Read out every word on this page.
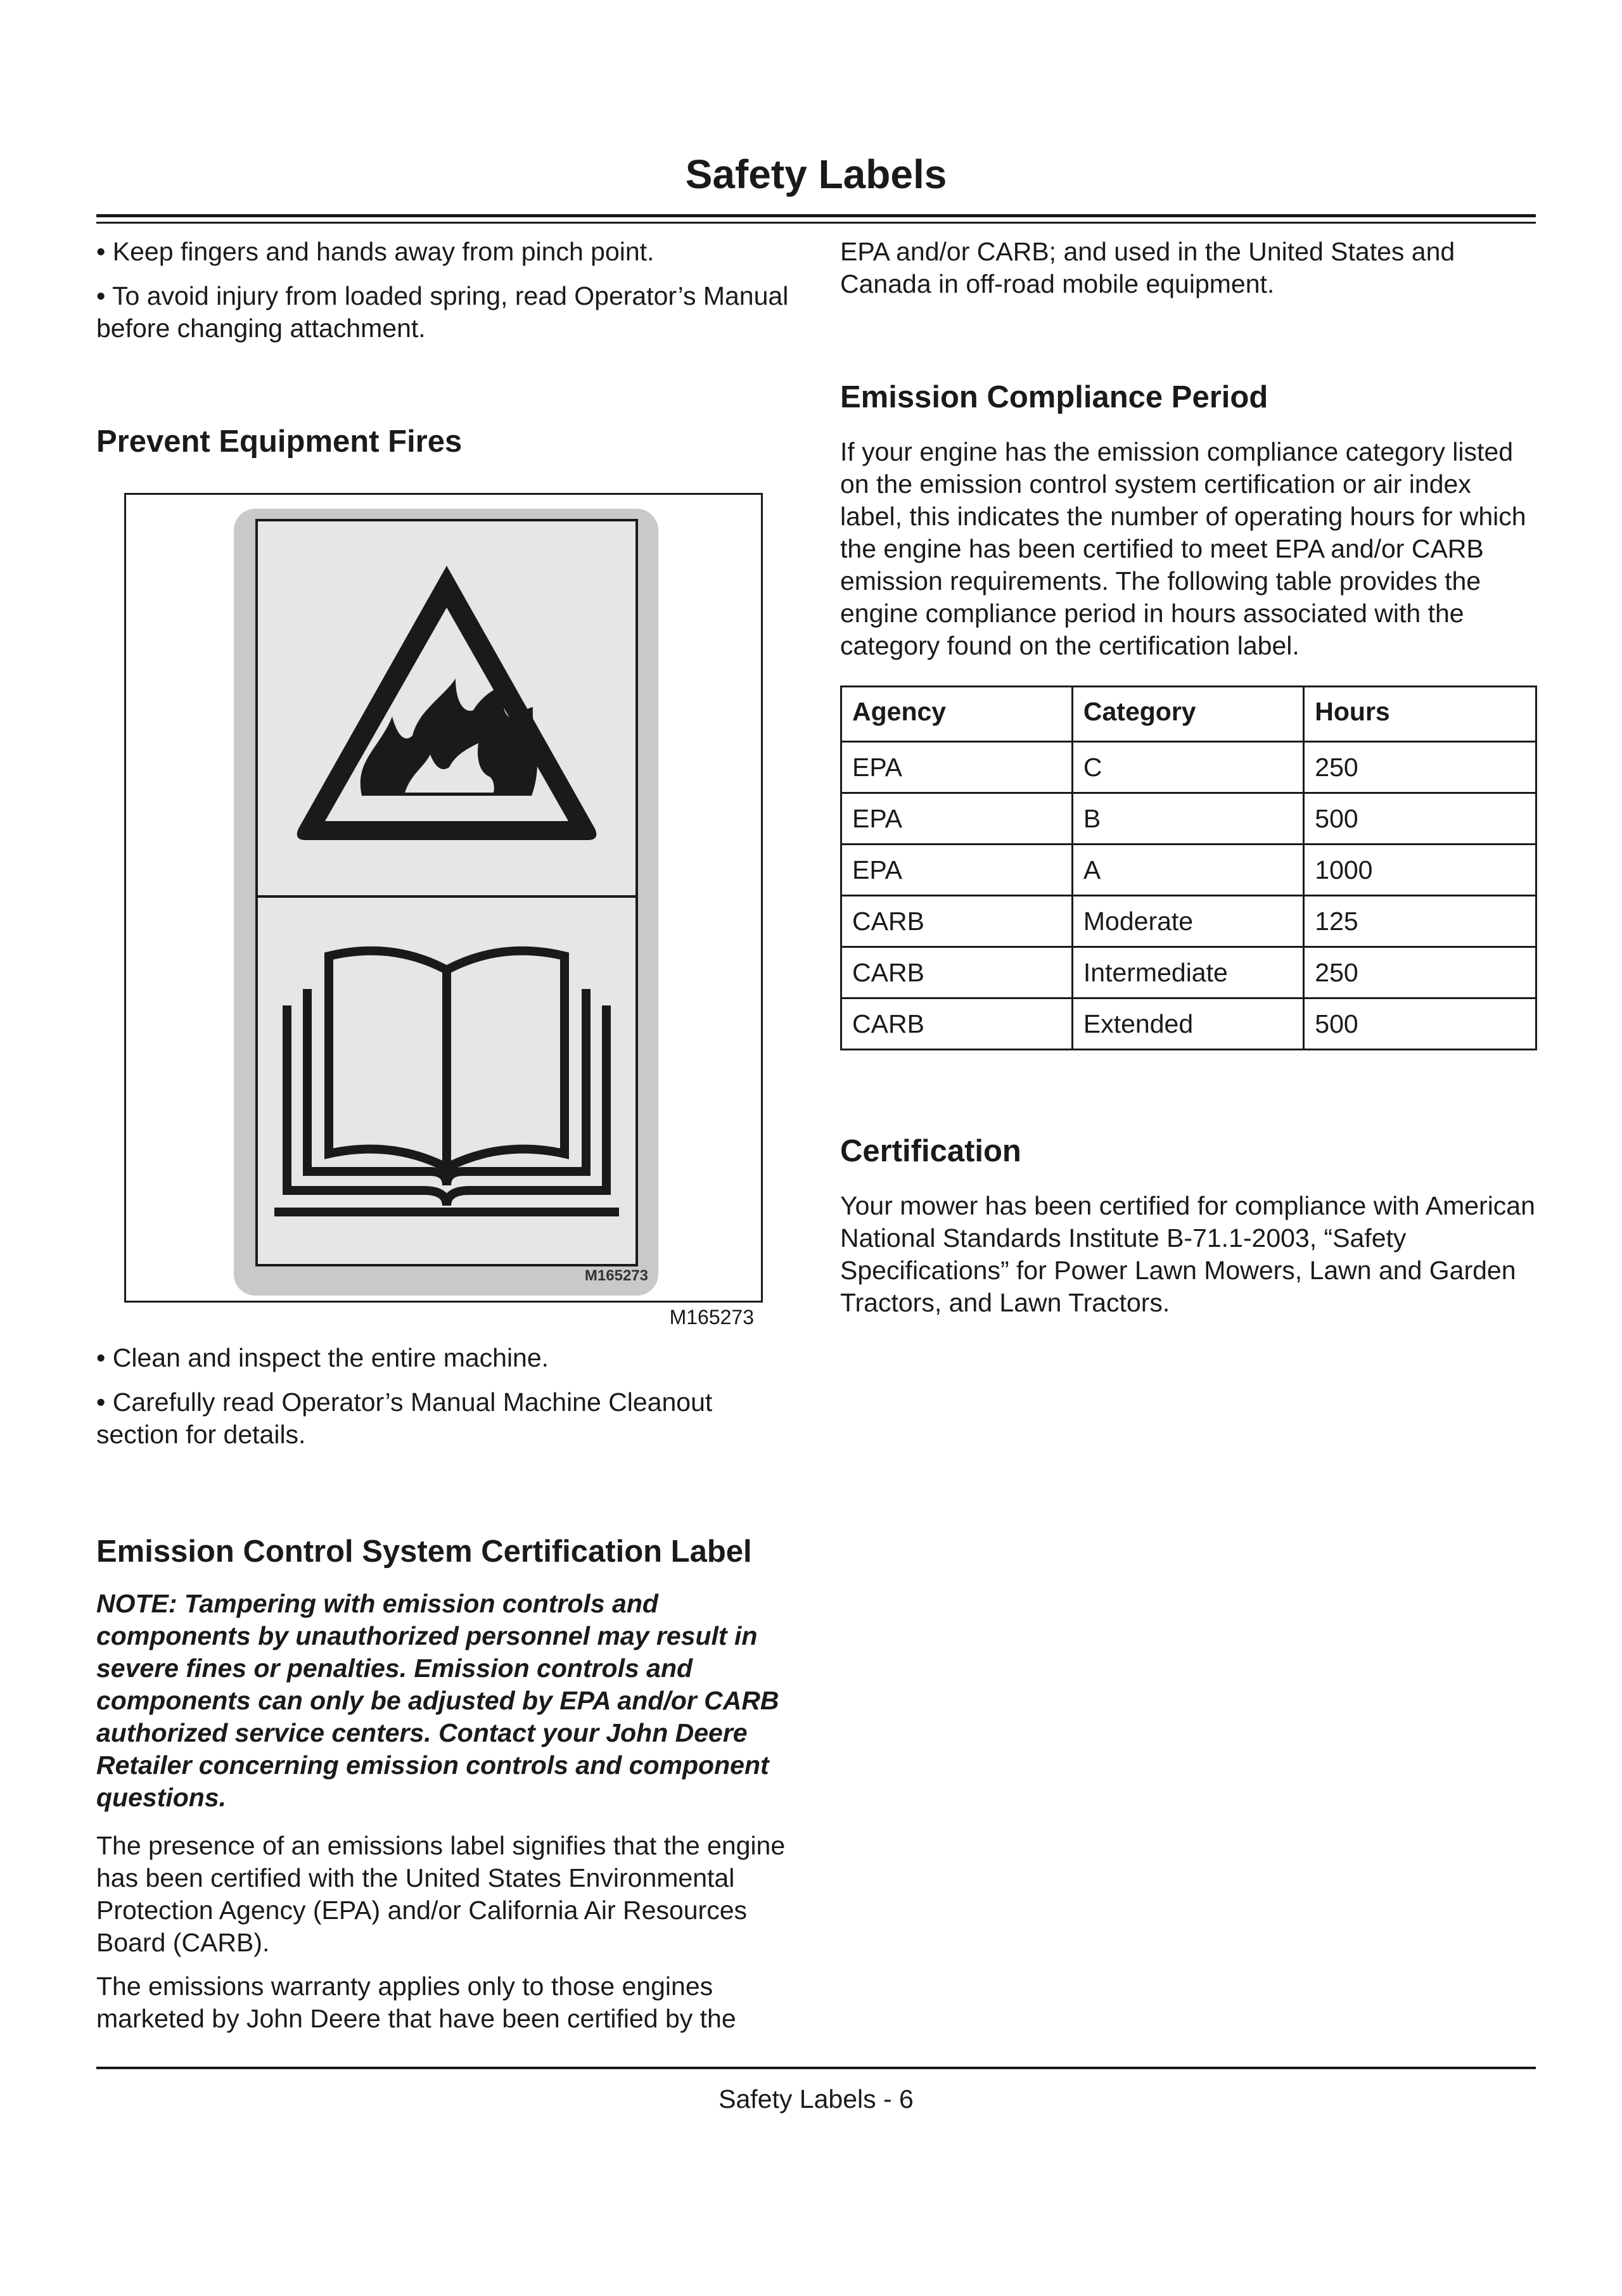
Safety Labels

• Keep fingers and hands away from pinch point.

• To avoid injury from loaded spring, read Operator’s Manual before changing attachment.

Prevent Equipment Fires
M165273
M165273

• Clean and inspect the entire machine.

• Carefully read Operator’s Manual Machine Cleanout section for details.

Emission Control System Certification Label

NOTE: Tampering with emission controls and components by unauthorized personnel may result in severe fines or penalties. Emission controls and components can only be adjusted by EPA and/or CARB authorized service centers. Contact your John Deere Retailer concerning emission controls and component questions.

The presence of an emissions label signifies that the engine has been certified with the United States Environmental Protection Agency (EPA) and/or California Air Resources Board (CARB).

The emissions warranty applies only to those engines marketed by John Deere that have been certified by the

EPA and/or CARB; and used in the United States and Canada in off-road mobile equipment.

Emission Compliance Period

If your engine has the emission compliance category listed on the emission control system certification or air index label, this indicates the number of operating hours for which the engine has been certified to meet EPA and/or CARB emission requirements. The following table provides the engine compliance period in hours associated with the category found on the certification label.

Agency	Category	Hours

EPA	C	250
EPA	B	500
EPA	A	1000
CARB	Moderate	125
CARB	Intermediate	250
CARB	Extended	500
Certification

Your mower has been certified for compliance with American National Standards Institute B-71.1-2003, “Safety Specifications” for Power Lawn Mowers, Lawn and Garden Tractors, and Lawn Tractors.

Safety Labels - 6
